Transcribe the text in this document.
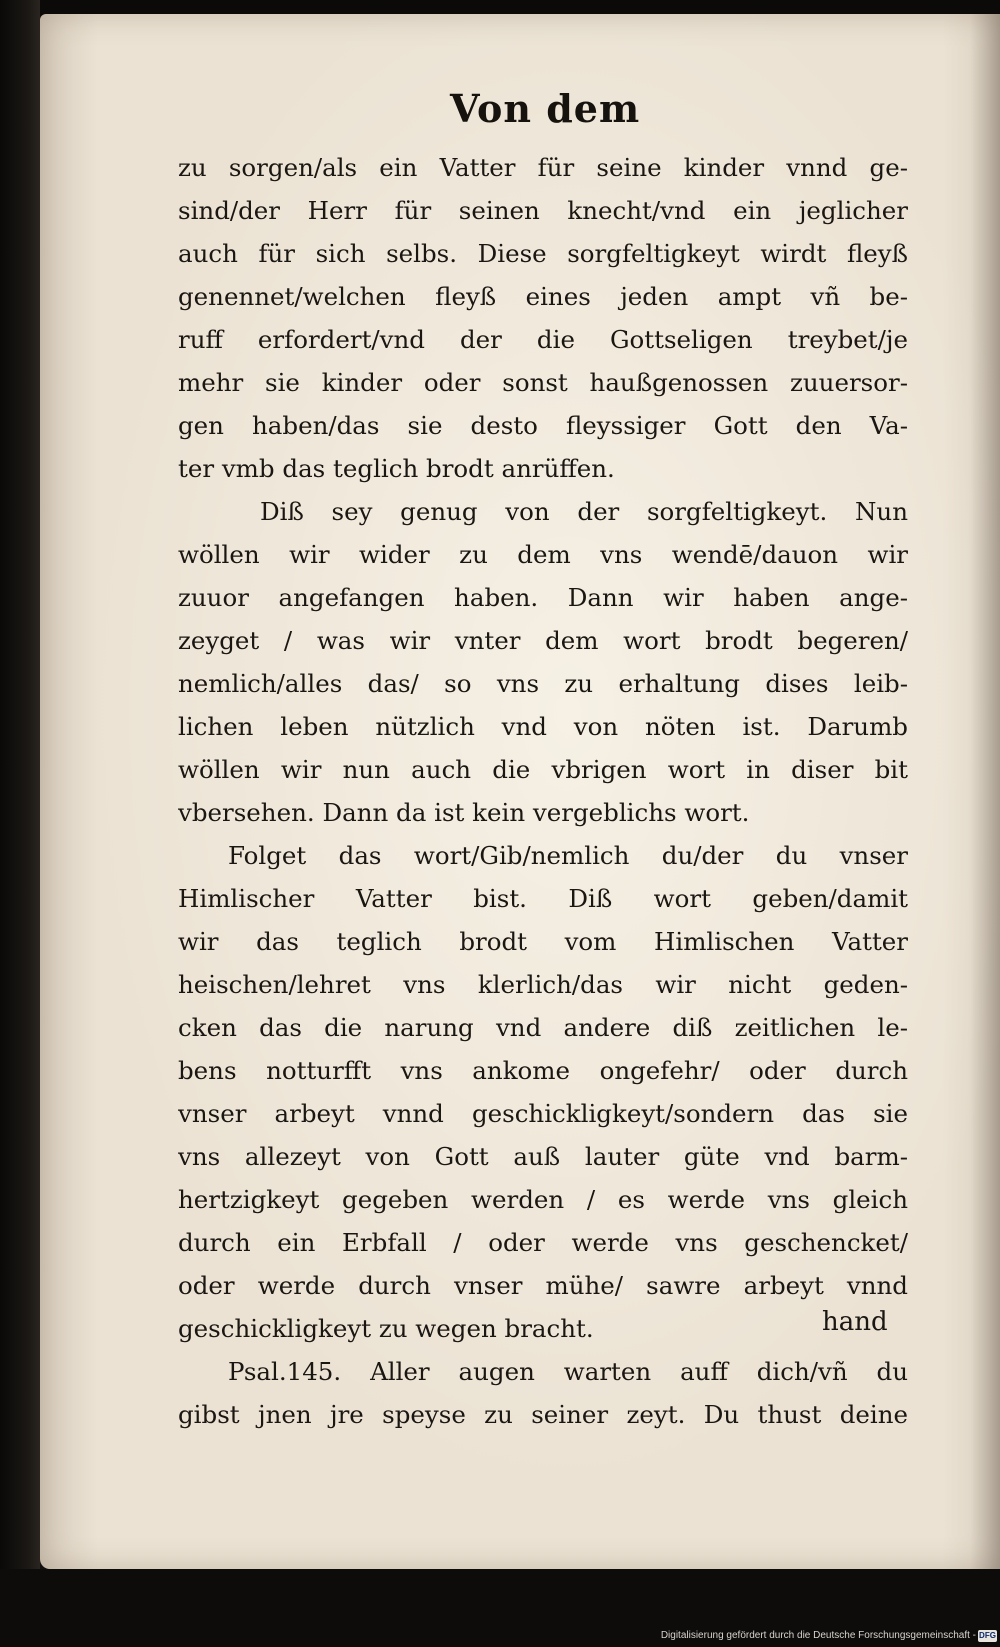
Von dem
zu sorgen/als ein Vatter für seine kinder vnnd ge-
sind/der Herr für seinen knecht/vnd ein jeglicher
auch für sich selbs. Diese sorgfeltigkeyt wirdt fleyß
genennet/welchen fleyß eines jeden ampt vñ be-
ruff erfordert/vnd der die Gottseligen treybet/je
mehr sie kinder oder sonst haußgenossen zuuersor-
gen haben/das sie desto fleyssiger Gott den Va-
ter vmb das teglich brodt anrüffen.
Diß sey genug von der sorgfeltigkeyt. Nun
wöllen wir wider zu dem vns wendē/dauon wir
zuuor angefangen haben. Dann wir haben ange-
zeyget / was wir vnter dem wort brodt begeren/
nemlich/alles das/ so vns zu erhaltung dises leib-
lichen leben nützlich vnd von nöten ist. Darumb
wöllen wir nun auch die vbrigen wort in diser bit
vbersehen. Dann da ist kein vergeblichs wort.
Folget das wort/Gib/nemlich du/der du vnser
Himlischer Vatter bist. Diß wort geben/damit
wir das teglich brodt vom Himlischen Vatter
heischen/lehret vns klerlich/das wir nicht geden-
cken das die narung vnd andere diß zeitlichen le-
bens notturfft vns ankome ongefehr/ oder durch
vnser arbeyt vnnd geschickligkeyt/sondern das sie
vns allezeyt von Gott auß lauter güte vnd barm-
hertzigkeyt gegeben werden / es werde vns gleich
durch ein Erbfall / oder werde vns geschencket/
oder werde durch vnser mühe/ sawre arbeyt vnnd
geschickligkeyt zu wegen bracht.
Psal.145. Aller augen warten auff dich/vñ du
gibst jnen jre speyse zu seiner zeyt. Du thust deine
hand
Digitalisierung gefördert durch die Deutsche Forschungsgemeinschaft - DFG
